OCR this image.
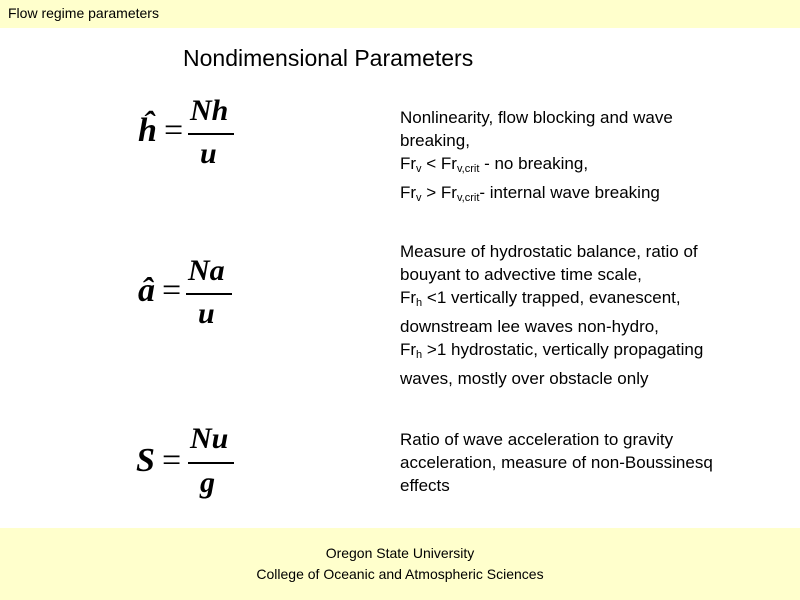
Flow regime parameters
Nondimensional Parameters
ĥ =
Nh
u
â =
Na
u
S =
Nu
g
Nonlinearity, flow blocking and wave
breaking,
$Fr_v < Fr_{v,crit}$ - no breaking,
$Fr_v > Fr_{v,crit}-$ internal wave breaking
Measure of hydrostatic balance, ratio of
bouyant to advective time scale,
$Fr_h <1$ vertically trapped, evanescent,
downstream lee waves non-hydro,
$Fr_h >1$ hydrostatic, vertically propagating
waves, mostly over obstacle only
Ratio of wave acceleration to gravity
acceleration, measure of non-Boussinesq
effects
Oregon State University
College of Oceanic and Atmospheric Sciences
